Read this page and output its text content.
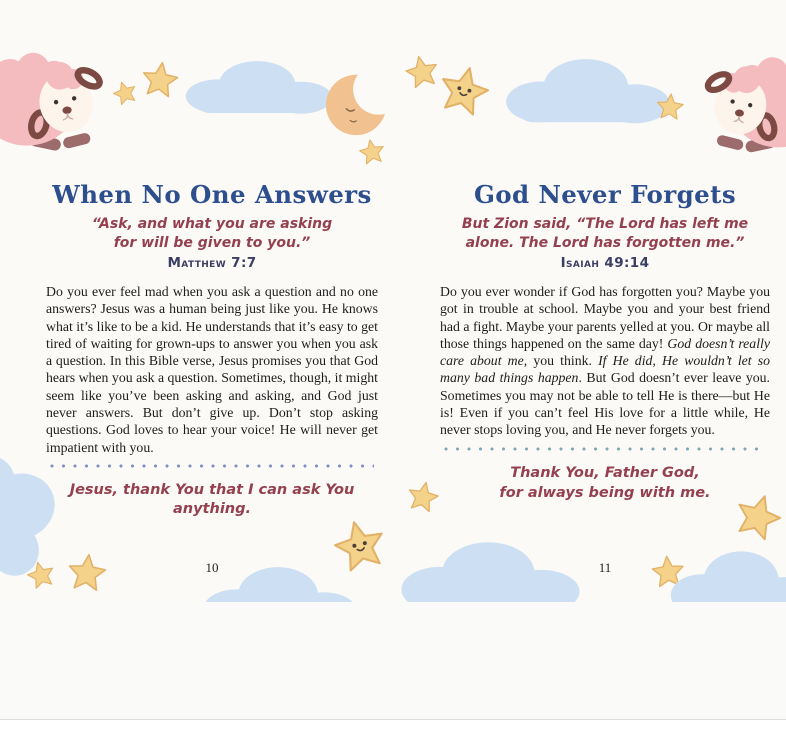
When No One Answers

“Ask, and what you are asking
for will be given to you.”

Matthew 7:7

Do you ever feel mad when you ask a question and no one answers? Jesus was a human being just like you. He knows what it’s like to be a kid. He understands that it’s easy to get tired of waiting for grown-ups to answer you when you ask a question. In this Bible verse, Jesus promises you that God hears when you ask a question. Sometimes, though, it might seem like you’ve been asking and asking, and God just never answers. But don’t give up. Don’t stop asking questions. God loves to hear your voice! He will never get impatient with you.

Jesus, thank You that I can ask You anything.

God Never Forgets

But Zion said, “The Lord has left me
alone. The Lord has forgotten me.”

Isaiah 49:14

Do you ever wonder if God has forgotten you? Maybe you got in trouble at school. Maybe you and your best friend had a fight. Maybe your parents yelled at you. Or maybe all those things happened on the same day! God doesn’t really care about me, you think. If He did, He wouldn’t let so many bad things happen. But God doesn’t ever leave you. Sometimes you may not be able to tell He is there—but He is! Even if you can’t feel His love for a little while, He never stops loving you, and He never forgets you.

Thank You, Father God,
for always being with me.

10	11
